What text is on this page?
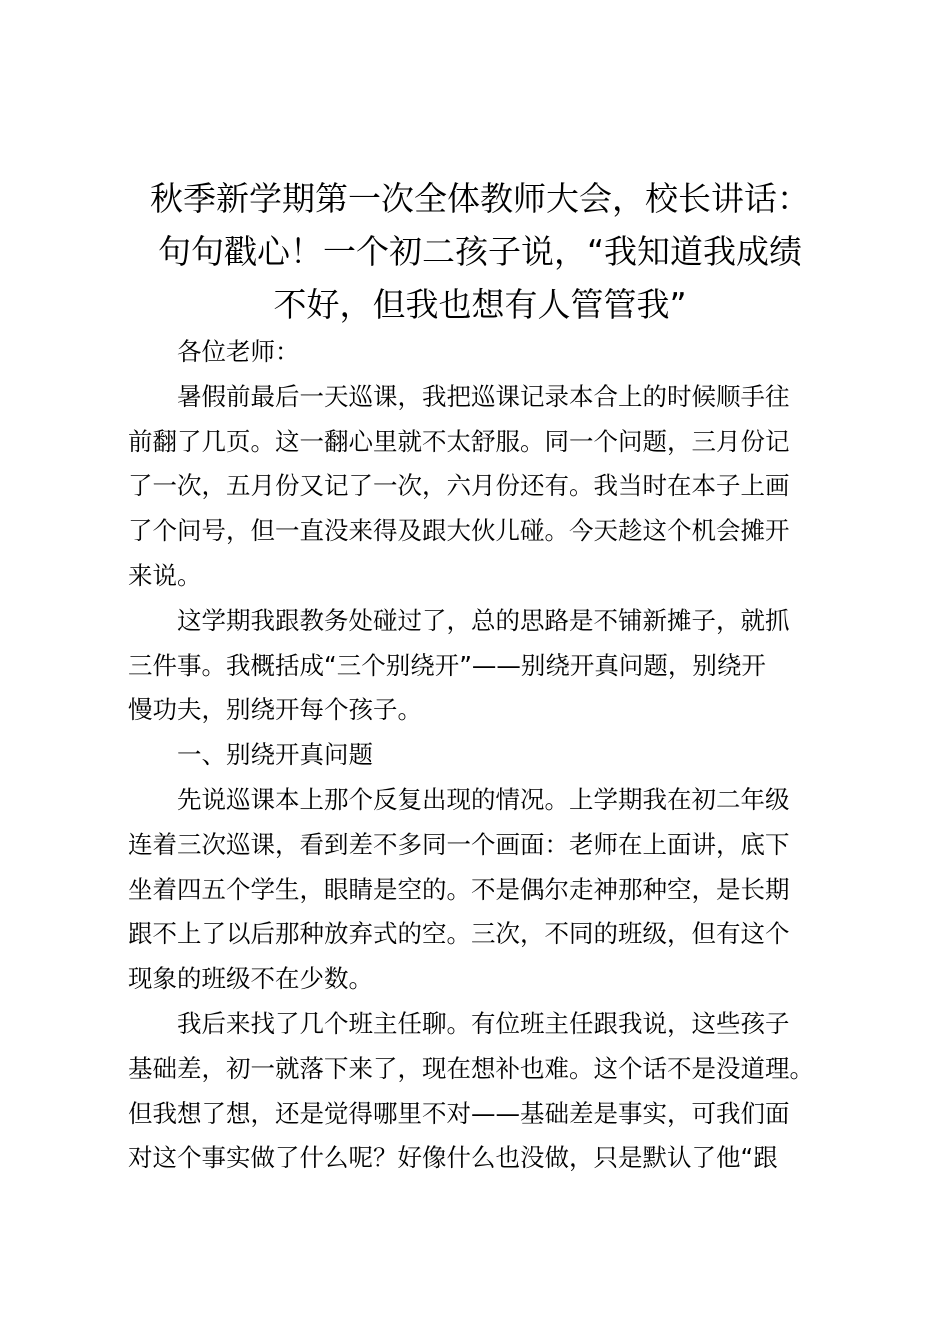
秋季新学期第一次全体教师大会，校长讲话：
句句戳心！一个初二孩子说，“我知道我成绩
不好，但我也想有人管管我”
各位老师：
暑假前最后一天巡课，我把巡课记录本合上的时候顺手往
前翻了几页。这一翻心里就不太舒服。同一个问题，三月份记
了一次，五月份又记了一次，六月份还有。我当时在本子上画
了个问号，但一直没来得及跟大伙儿碰。今天趁这个机会摊开
来说。
这学期我跟教务处碰过了，总的思路是不铺新摊子，就抓
三件事。我概括成“三个别绕开”——别绕开真问题，别绕开
慢功夫，别绕开每个孩子。
一、别绕开真问题
先说巡课本上那个反复出现的情况。上学期我在初二年级
连着三次巡课，看到差不多同一个画面：老师在上面讲，底下
坐着四五个学生，眼睛是空的。不是偶尔走神那种空，是长期
跟不上了以后那种放弃式的空。三次，不同的班级，但有这个
现象的班级不在少数。
我后来找了几个班主任聊。有位班主任跟我说，这些孩子
基础差，初一就落下来了，现在想补也难。这个话不是没道理。
但我想了想，还是觉得哪里不对——基础差是事实，可我们面
对这个事实做了什么呢？好像什么也没做，只是默认了他“跟
